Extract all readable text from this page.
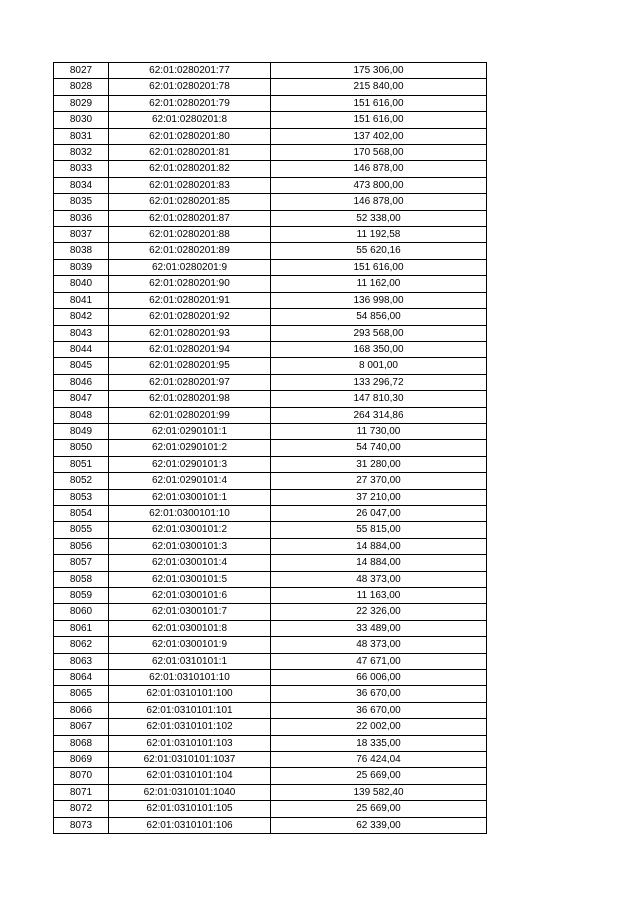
8027	62:01:0280201:77	175 306,00
8028	62:01:0280201:78	215 840,00
8029	62:01:0280201:79	151 616,00
8030	62:01:0280201:8	151 616,00
8031	62:01:0280201:80	137 402,00
8032	62:01:0280201:81	170 568,00
8033	62:01:0280201:82	146 878,00
8034	62:01:0280201:83	473 800,00
8035	62:01:0280201:85	146 878,00
8036	62:01:0280201:87	52 338,00
8037	62:01:0280201:88	11 192,58
8038	62:01:0280201:89	55 620,16
8039	62:01:0280201:9	151 616,00
8040	62:01:0280201:90	11 162,00
8041	62:01:0280201:91	136 998,00
8042	62:01:0280201:92	54 856,00
8043	62:01:0280201:93	293 568,00
8044	62:01:0280201:94	168 350,00
8045	62:01:0280201:95	8 001,00
8046	62:01:0280201:97	133 296,72
8047	62:01:0280201:98	147 810,30
8048	62:01:0280201:99	264 314,86
8049	62:01:0290101:1	11 730,00
8050	62:01:0290101:2	54 740,00
8051	62:01:0290101:3	31 280,00
8052	62:01:0290101:4	27 370,00
8053	62:01:0300101:1	37 210,00
8054	62:01:0300101:10	26 047,00
8055	62:01:0300101:2	55 815,00
8056	62:01:0300101:3	14 884,00
8057	62:01:0300101:4	14 884,00
8058	62:01:0300101:5	48 373,00
8059	62:01:0300101:6	11 163,00
8060	62:01:0300101:7	22 326,00
8061	62:01:0300101:8	33 489,00
8062	62:01:0300101:9	48 373,00
8063	62:01:0310101:1	47 671,00
8064	62:01:0310101:10	66 006,00
8065	62:01:0310101:100	36 670,00
8066	62:01:0310101:101	36 670,00
8067	62:01:0310101:102	22 002,00
8068	62:01:0310101:103	18 335,00
8069	62:01:0310101:1037	76 424,04
8070	62:01:0310101:104	25 669,00
8071	62:01:0310101:1040	139 582,40
8072	62:01:0310101:105	25 669,00
8073	62:01:0310101:106	62 339,00
